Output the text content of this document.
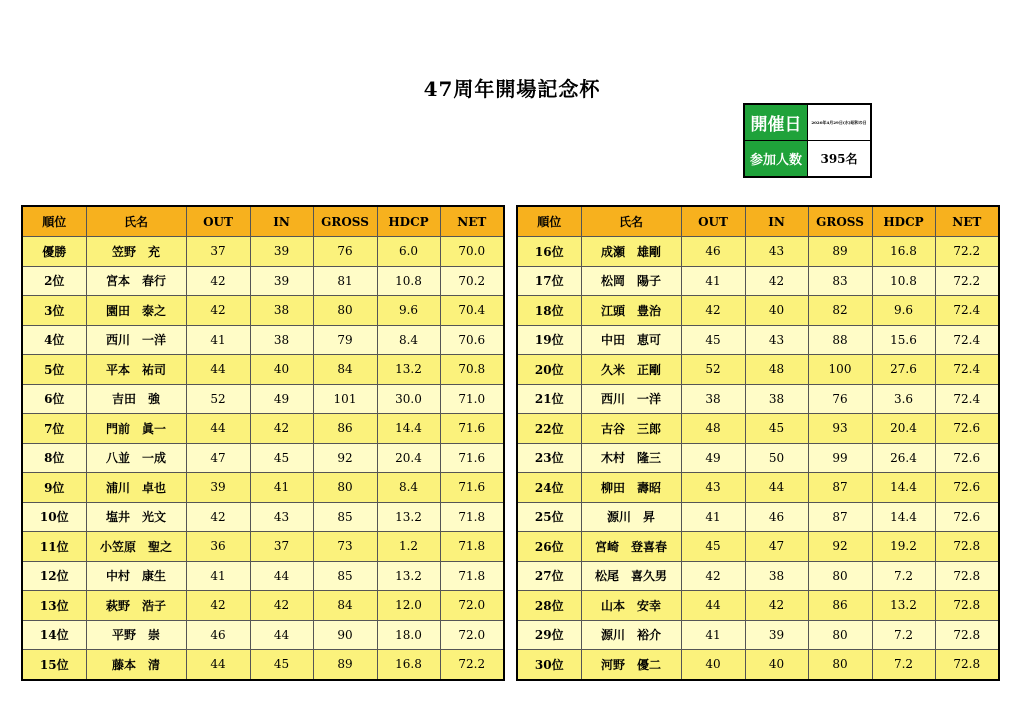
47周年開場記念杯
開催日	2020年4月29日(水)昭和の日
参加人数	395名
順位	氏名	OUT	IN	GROSS	HDCP	NET
優勝	笠野　充	37	39	76	6.0	70.0
2位	宮本　春行	42	39	81	10.8	70.2
3位	園田　泰之	42	38	80	9.6	70.4
4位	西川　一洋	41	38	79	8.4	70.6
5位	平本　祐司	44	40	84	13.2	70.8
6位	吉田　強	52	49	101	30.0	71.0
7位	門前　眞一	44	42	86	14.4	71.6
8位	八並　一成	47	45	92	20.4	71.6
9位	浦川　卓也	39	41	80	8.4	71.6
10位	塩井　光文	42	43	85	13.2	71.8
11位	小笠原　聖之	36	37	73	1.2	71.8
12位	中村　康生	41	44	85	13.2	71.8
13位	萩野　浩子	42	42	84	12.0	72.0
14位	平野　崇	46	44	90	18.0	72.0
15位	藤本　清	44	45	89	16.8	72.2
順位	氏名	OUT	IN	GROSS	HDCP	NET
16位	成瀬　雄剛	46	43	89	16.8	72.2
17位	松岡　陽子	41	42	83	10.8	72.2
18位	江頭　豊治	42	40	82	9.6	72.4
19位	中田　恵可	45	43	88	15.6	72.4
20位	久米　正剛	52	48	100	27.6	72.4
21位	西川　一洋	38	38	76	3.6	72.4
22位	古谷　三郎	48	45	93	20.4	72.6
23位	木村　隆三	49	50	99	26.4	72.6
24位	柳田　壽昭	43	44	87	14.4	72.6
25位	源川　昇	41	46	87	14.4	72.6
26位	宮崎　登喜春	45	47	92	19.2	72.8
27位	松尾　喜久男	42	38	80	7.2	72.8
28位	山本　安幸	44	42	86	13.2	72.8
29位	源川　裕介	41	39	80	7.2	72.8
30位	河野　優二	40	40	80	7.2	72.8
